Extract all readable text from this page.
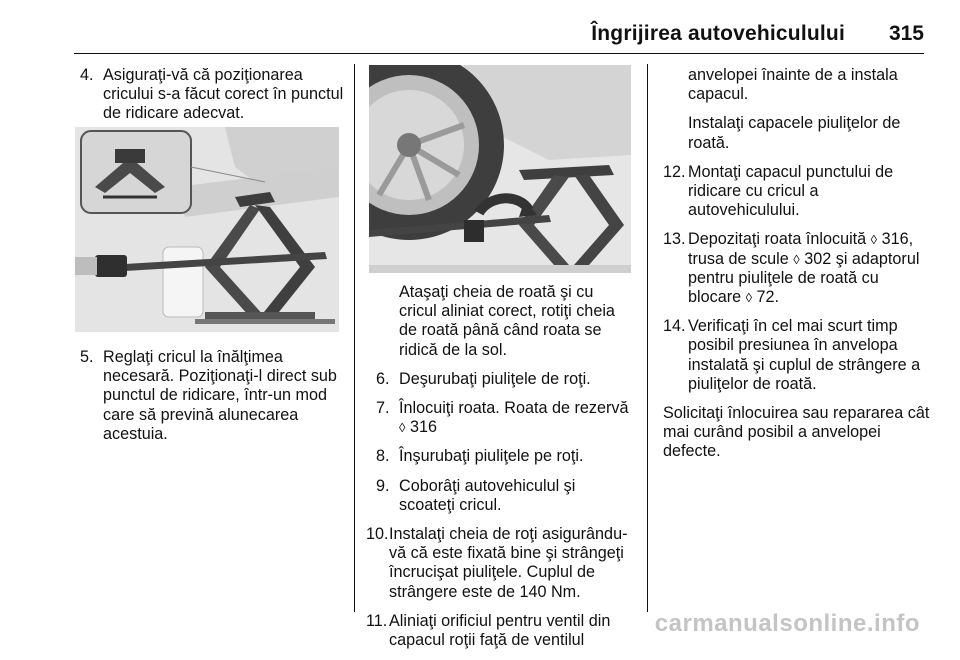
Îngrijirea autovehiculului 315
4. Asiguraţi-vă că poziţionarea cricului s-a făcut corect în punctul de ridicare adecvat.
5. Reglaţi cricul la înălţimea necesară. Poziţionaţi-l direct sub punctul de ridicare, într-un mod care să prevină alunecarea acestuia.
Ataşaţi cheia de roată şi cu cricul aliniat corect, rotiţi cheia de roată până când roata se ridică de la sol.
6. Deşurubaţi piuliţele de roţi.
7. Înlocuiţi roata. Roata de rezervă
◊ 316
8. Înşurubaţi piuliţele pe roţi.
9. Coborâţi autovehiculul şi scoateţi cricul.
10. Instalaţi cheia de roţi asigurându-vă că este fixată bine şi strângeţi încrucişat piuliţele. Cuplul de strângere este de 140 Nm.
11. Aliniaţi orificiul pentru ventil din capacul roţii faţă de ventilul
anvelopei înainte de a instala capacul.
Instalaţi capacele piuliţelor de roată.
12. Montaţi capacul punctului de ridicare cu cricul a autovehiculului.
13. Depozitaţi roata înlocuită ◊ 316, trusa de scule ◊ 302 şi adaptorul pentru piuliţele de roată cu blocare ◊ 72.
14. Verificaţi în cel mai scurt timp posibil presiunea în anvelopa instalată şi cuplul de strângere a piuliţelor de roată.
Solicitaţi înlocuirea sau repararea cât mai curând posibil a anvelopei defecte.
carmanualsonline.info
